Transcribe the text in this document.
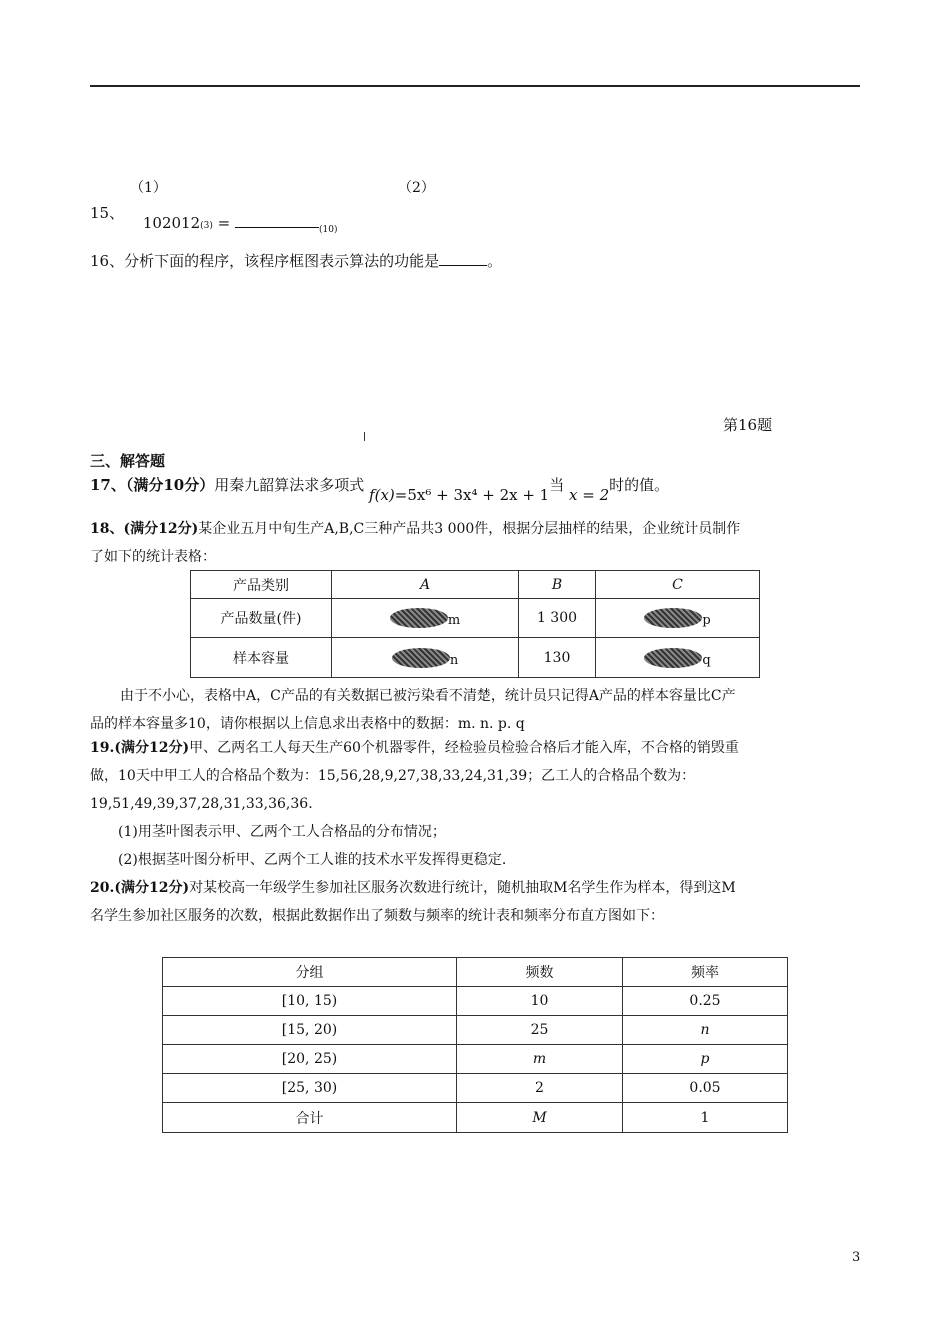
（1）	（2）
15、 102012(3) =	$_{(10)}$
16、分析下面的程序，该程序框图表示算法的功能是	。
第16题
三、解答题
17、（满分10分）用秦九韶算法求多项式 f(x)=5x⁶ + 3x⁴ + 2x + 1当 x = 2时的值。
18、(满分12分)某企业五月中旬生产A,B,C三种产品共3 000件，根据分层抽样的结果，企业统计员制作
了如下的统计表格：
产品类别	A	B	C
产品数量(件)	m	1 300	p
样本容量	n	130	q
由于不小心，表格中A，C产品的有关数据已被污染看不清楚，统计员只记得A产品的样本容量比C产
品的样本容量多10，请你根据以上信息求出表格中的数据：m. n. p. q
19.(满分12分)甲、乙两名工人每天生产60个机器零件，经检验员检验合格后才能入库，不合格的销毁重
做，10天中甲工人的合格品个数为：15,56,28,9,27,38,33,24,31,39；乙工人的合格品个数为：
19,51,49,39,37,28,31,33,36,36.
(1)用茎叶图表示甲、乙两个工人合格品的分布情况；
(2)根据茎叶图分析甲、乙两个工人谁的技术水平发挥得更稳定.
20.(满分12分)对某校高一年级学生参加社区服务次数进行统计，随机抽取M名学生作为样本，得到这M
名学生参加社区服务的次数，根据此数据作出了频数与频率的统计表和频率分布直方图如下：
分组	频数	频率
[10, 15)	10	0.25
[15, 20)	25	n
[20, 25)	m	p
[25, 30)	2	0.05
合计	M	1
3
